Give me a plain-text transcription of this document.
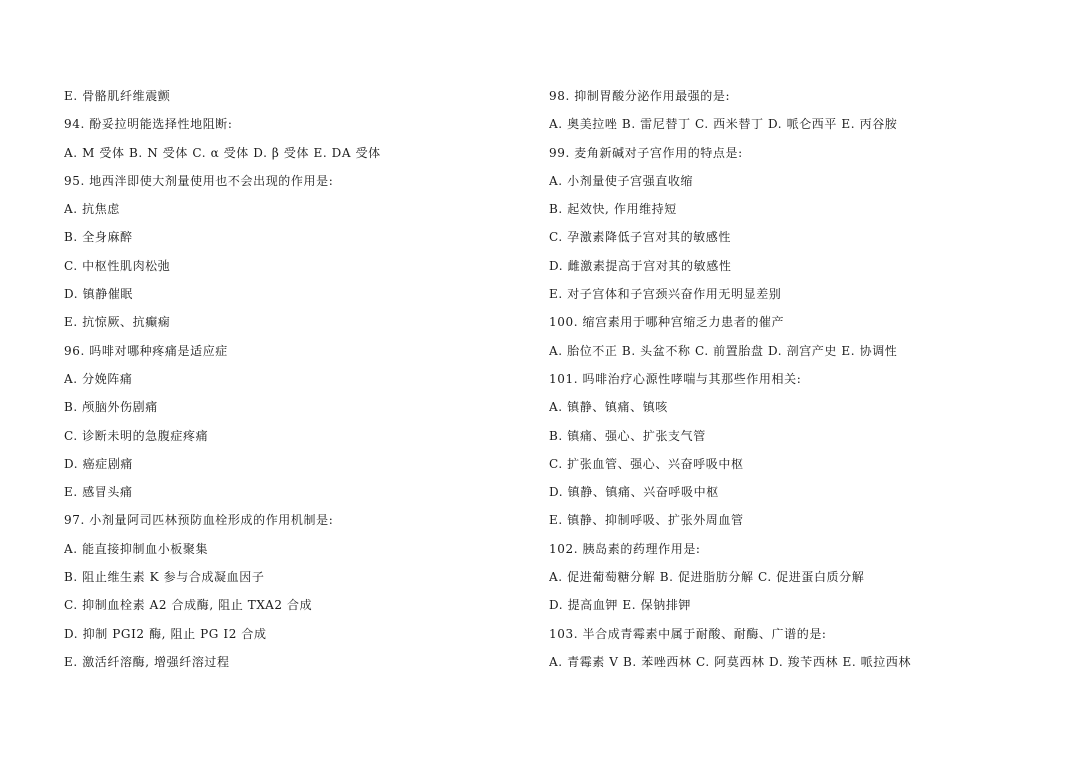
E. 骨骼肌纤维震颤
94. 酚妥拉明能选择性地阻断:
A. M 受体 B. N 受体 C. α 受体 D. β 受体 E. DA 受体
95. 地西泮即使大剂量使用也不会出现的作用是:
A. 抗焦虑
B. 全身麻醉
C. 中枢性肌肉松弛
D. 镇静催眠
E. 抗惊厥、抗癫痫
96. 吗啡对哪种疼痛是适应症
A. 分娩阵痛
B. 颅脑外伤剧痛
C. 诊断未明的急腹症疼痛
D. 癌症剧痛
E. 感冒头痛
97. 小剂量阿司匹林预防血栓形成的作用机制是:
A. 能直接抑制血小板聚集
B. 阻止维生素 K 参与合成凝血因子
C. 抑制血栓素 A2 合成酶, 阻止 TXA2 合成
D. 抑制 PGI2 酶, 阻止 PG I2 合成
E. 激活纤溶酶, 增强纤溶过程
98. 抑制胃酸分泌作用最强的是:
A. 奥美拉唑 B. 雷尼替丁 C. 西米替丁 D. 哌仑西平 E. 丙谷胺
99. 麦角新碱对子宫作用的特点是:
A. 小剂量使子宫强直收缩
B. 起效快, 作用维持短
C. 孕激素降低子宫对其的敏感性
D. 雌激素提高于宫对其的敏感性
E. 对子宫体和子宫颈兴奋作用无明显差别
100. 缩宫素用于哪种宫缩乏力患者的催产
A. 胎位不正 B. 头盆不称 C. 前置胎盘 D. 剖宫产史 E. 协调性
101. 吗啡治疗心源性哮喘与其那些作用相关:
A. 镇静、镇痛、镇咳
B. 镇痛、强心、扩张支气管
C. 扩张血管、强心、兴奋呼吸中枢
D. 镇静、镇痛、兴奋呼吸中枢
E. 镇静、抑制呼吸、扩张外周血管
102. 胰岛素的药理作用是:
A. 促进葡萄糖分解 B. 促进脂肪分解 C. 促进蛋白质分解
D. 提高血钾 E. 保钠排钾
103. 半合成青霉素中属于耐酸、耐酶、广谱的是:
A. 青霉素 V B. 苯唑西林 C. 阿莫西林 D. 羧苄西林 E. 哌拉西林
